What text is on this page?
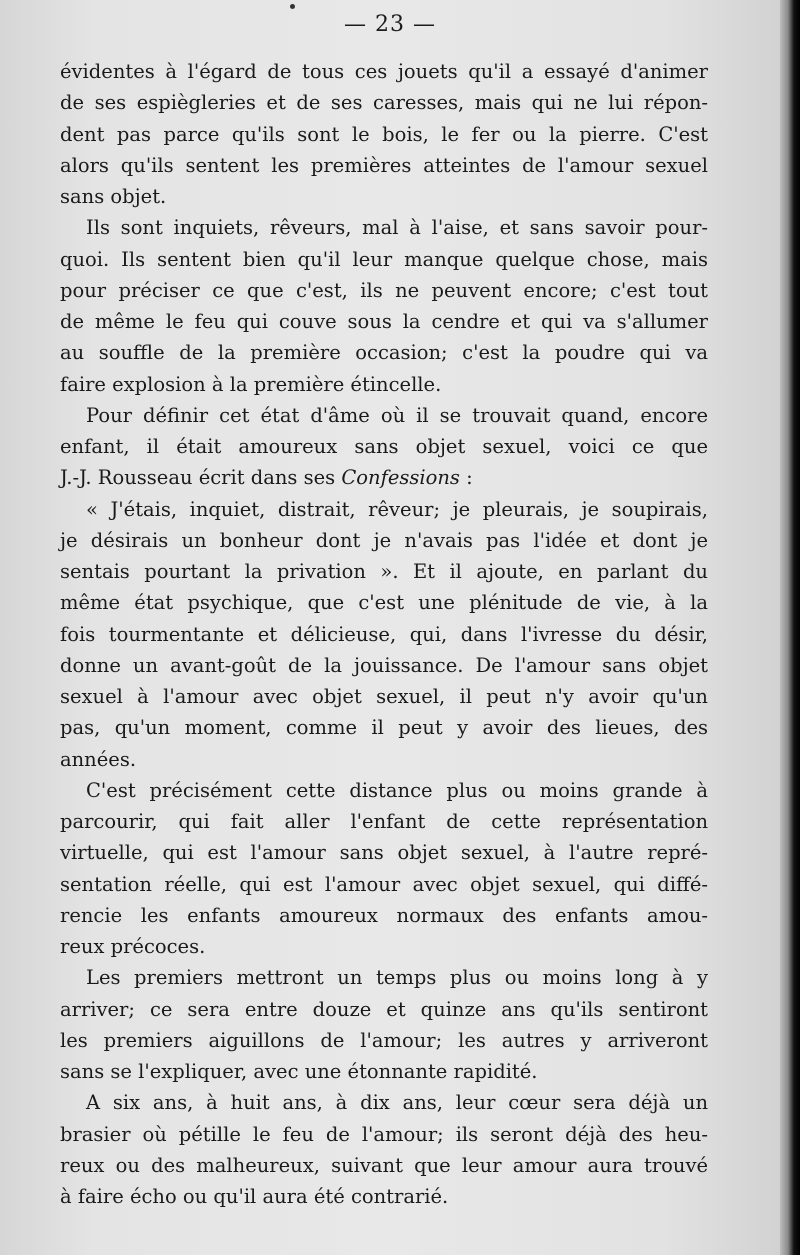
— 23 —
évidentes à l'égard de tous ces jouets qu'il a essayé d'animer
de ses espiègleries et de ses caresses, mais qui ne lui répon-
dent pas parce qu'ils sont le bois, le fer ou la pierre. C'est
alors qu'ils sentent les premières atteintes de l'amour sexuel
sans objet.
Ils sont inquiets, rêveurs, mal à l'aise, et sans savoir pour-
quoi. Ils sentent bien qu'il leur manque quelque chose, mais
pour préciser ce que c'est, ils ne peuvent encore; c'est tout
de même le feu qui couve sous la cendre et qui va s'allumer
au souffle de la première occasion; c'est la poudre qui va
faire explosion à la première étincelle.
Pour définir cet état d'âme où il se trouvait quand, encore
enfant, il était amoureux sans objet sexuel, voici ce que
J.-J. Rousseau écrit dans ses Confessions :
« J'étais, inquiet, distrait, rêveur; je pleurais, je soupirais,
je désirais un bonheur dont je n'avais pas l'idée et dont je
sentais pourtant la privation ». Et il ajoute, en parlant du
même état psychique, que c'est une plénitude de vie, à la
fois tourmentante et délicieuse, qui, dans l'ivresse du désir,
donne un avant-goût de la jouissance. De l'amour sans objet
sexuel à l'amour avec objet sexuel, il peut n'y avoir qu'un
pas, qu'un moment, comme il peut y avoir des lieues, des
années.
C'est précisément cette distance plus ou moins grande à
parcourir, qui fait aller l'enfant de cette représentation
virtuelle, qui est l'amour sans objet sexuel, à l'autre repré-
sentation réelle, qui est l'amour avec objet sexuel, qui diffé-
rencie les enfants amoureux normaux des enfants amou-
reux précoces.
Les premiers mettront un temps plus ou moins long à y
arriver; ce sera entre douze et quinze ans qu'ils sentiront
les premiers aiguillons de l'amour; les autres y arriveront
sans se l'expliquer, avec une étonnante rapidité.
A six ans, à huit ans, à dix ans, leur cœur sera déjà un
brasier où pétille le feu de l'amour; ils seront déjà des heu-
reux ou des malheureux, suivant que leur amour aura trouvé
à faire écho ou qu'il aura été contrarié.
